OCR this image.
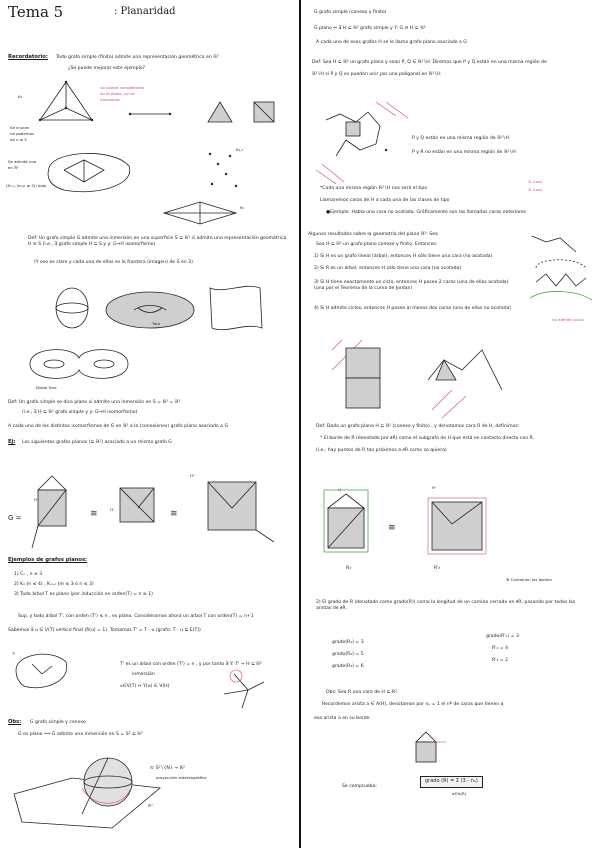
Tema 5	: Planaridad
Recordatorio: Todo grafo simple (finito) admite una representación geométrica en ℝ³
¿Se puede mejorar este ejemplo?
K₄
no puede considerarse
en el plano, no se
intersecan
Se cruzan
no podemos
de n ≥ 5
Se admite una
en ℝ²
(Kₘ,ₙ (m,n ≥ 3)) bajo
K₃,₃
K₅
Def: Un grafo simple G admite una inmersión en una superficie S ⊆ ℝ³ si admite una representación geométrica H ≅ S (i.e., ∃ grafo simple H ⊆ S y y: G→H isomorfismo)
(Y eso es claro y cada una de ellas es la frontera (imagen) de S en 3)
Toro
Doble Toro
Def: Un grafo simple se dice plano si admite una inmersión en S = ℝ² = ℝ³
(i.e., ∃ H ⊆ ℝ² grafo simple y y: G→H isomorfismo)
A cada uno de los distintos isomorfismos de G en ℝ² a la (conexiones) grafo plano asociado a G
Ej: Los siguientes grafos planos (⊆ ℝ²) asociado a un mismo grafo G
G =	≅	≅
H
H'
H''
Ejemplos de grafos planos:
1) Cₙ , n ≥ 3
2) Kₙ (n ≤ 4) , Kₘ,ₙ (m ≤ 3 o n ≤ 3)
3) Todo árbol T es plano (por inducción en orden(T) = n ≥ 1)
Sup. y todo árbol T', con orden (T') ≤ n , es plano. Consideramos ahora un árbol T con orden(T) = n+1
Sabemos ∃ u ∈ V(T) vértice final (δ(u) = 1). Tomamos T' = T - u (grafo: T - u ⊆ E(T))
T'
T' es un árbol con orden (T') = n , y por tanto ∃ Y: T' → H ⊆ ℝ²
inmersión
v∈V(T) ↦ Y(u) ∈ V(H)
Obs: G grafo simple y conexo
G es plano ⟺ G admite una inmersión en S = S² ⊆ ℝ³
π: S²∖{N} → ℝ²
proyección estereográfica
ℝ³
G grafo simple (conexo y finito)
G plano ⇔ ∃ H ⊆ ℝ² grafo simple y Y: G ≅ H ⊆ ℝ²
A cada uno de esos grafos H se le llama grafo plano asociado a G
Def: Sea H ⊆ ℝ² un grafo plano y sean P, Q ∈ ℝ²∖H. Diremos que P y Q están en una misma región de
ℝ²∖H si P y Q se pueden unir por una poligonal en ℝ²∖H
P y Q están en una misma región de ℝ²∖H
P y R no están en una misma región de ℝ²∖H
① Cara
② Cara
*Cada una misma región ℝ²∖H nos será el tipo
Llamaremos caras de H a cada una de las clases de tipo
●Ejemplo: Había una cara no acotada. Gráficamente son las llamadas caras exteriores
Algunos resultados sobre la geometría del plano ℝ²: Sea
Sea H ⊆ ℝ² un grafo plano conexo y finito. Entonces:
1) Si H es un grafo lineal (árbol), entonces H sólo tiene una cara (no acotada)
2) Si R es un árbol, entonces H sólo tiene una cara (no acotada)
3) Si H tiene exactamente un ciclo, entonces H posee 2 caras (una de ellas acotada) (una por el Teorema de la curva de Jordan)
4) Si H admite ciclos, entonces H posee al menos dos caras (una de ellas no acotada)
no admite ciclos
Def: Dado un grafo plano H ⊆ ℝ² (conexo y finito) , y denotamos cara R de H, definimos:
* El borde de R (denotado por ∂R) como el subgrafo de H que está en contacto directo con R.
(i.e., hay puntos de R tan próximos a ∂R como se quiera)
H	H'
≅
R₃	R'₃
⑧ Contienen los bordes
2) El grado de R (denotado como grado(R)) como la longitud de un camino cerrado en ∂R, pasando por todas las aristas de ∂R.
grado(R₁) = 3
grado(R₂) = 5
grado(R₃) = 6
grado(R'₁) = 3
R'₂ = 4
R'₃ = 2
Obs: Sea R una cara de H ⊆ ℝ²
Recordemos arista a ∈ A(H), denotamos por nₐ = 1 el nº de caras que tienen a
esa arista a en su borde
Se comprueba:
grado (R) = Σ (3 - nₐ)
a∈A(R)
